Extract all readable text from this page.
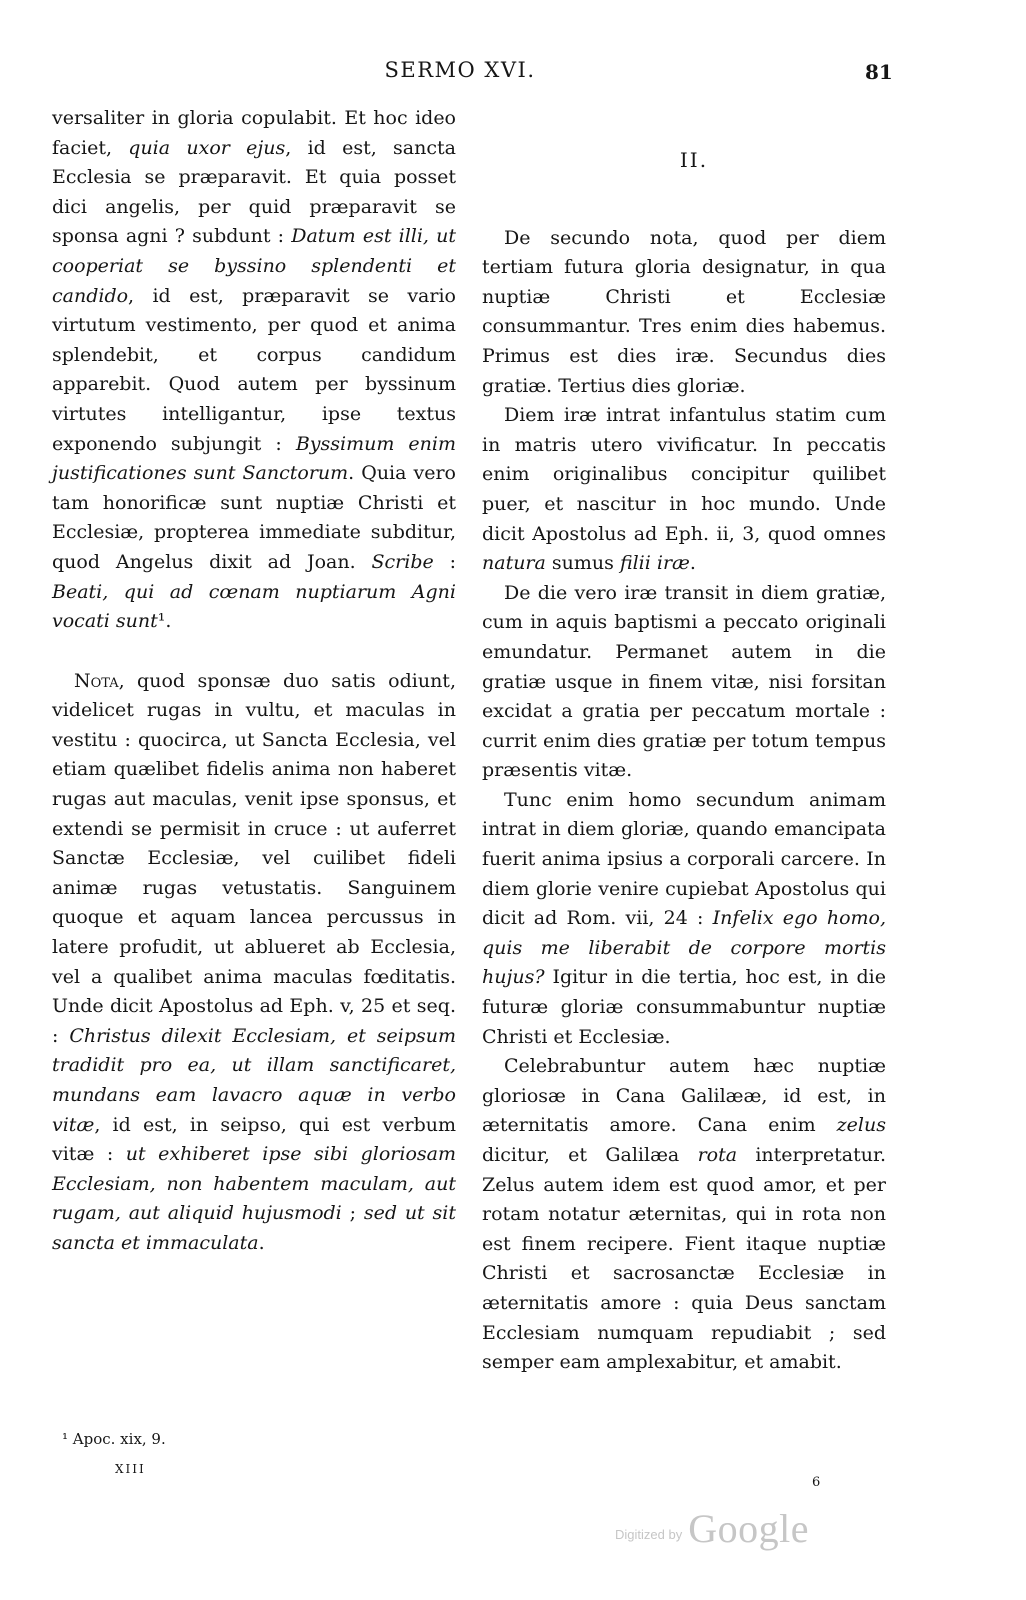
SERMO XVI.	81

versaliter in gloria copulabit. Et hoc ideo faciet, quia uxor ejus, id est, sancta Ecclesia se præparavit. Et quia posset dici angelis, per quid præparavit se sponsa agni ? subdunt : Datum est illi, ut cooperiat se byssino splendenti et candido, id est, præparavit se vario virtutum vestimento, per quod et anima splendebit, et corpus candidum apparebit. Quod autem per byssinum virtutes intelligantur, ipse textus exponendo subjungit : Byssimum enim justificationes sunt Sanctorum. Quia vero tam honorificæ sunt nuptiæ Christi et Ecclesiæ, propterea immediate subditur, quod Angelus dixit ad Joan. Scribe : Beati, qui ad cœnam nuptiarum Agni vocati sunt¹.

Nota, quod sponsæ duo satis odiunt, videlicet rugas in vultu, et maculas in vestitu : quocirca, ut Sancta Ecclesia, vel etiam quælibet fidelis anima non haberet rugas aut maculas, venit ipse sponsus, et extendi se permisit in cruce : ut auferret Sanctæ Ecclesiæ, vel cuilibet fideli animæ rugas vetustatis. Sanguinem quoque et aquam lancea percussus in latere profudit, ut ablueret ab Ecclesia, vel a qualibet anima maculas fœditatis. Unde dicit Apostolus ad Eph. v, 25 et seq. : Christus dilexit Ecclesiam, et seipsum tradidit pro ea, ut illam sanctificaret, mundans eam lavacro aquæ in verbo vitæ, id est, in seipso, qui est verbum vitæ : ut exhiberet ipse sibi gloriosam Ecclesiam, non habentem maculam, aut rugam, aut aliquid hujusmodi ; sed ut sit sancta et immaculata.

II.

De secundo nota, quod per diem tertiam futura gloria designatur, in qua nuptiæ Christi et Ecclesiæ consummantur. Tres enim dies habemus. Primus est dies iræ. Secundus dies gratiæ. Tertius dies gloriæ.

Diem iræ intrat infantulus statim cum in matris utero vivificatur. In peccatis enim originalibus concipitur quilibet puer, et nascitur in hoc mundo. Unde dicit Apostolus ad Eph. ii, 3, quod omnes natura sumus filii iræ.

De die vero iræ transit in diem gratiæ, cum in aquis baptismi a peccato originali emundatur. Permanet autem in die gratiæ usque in finem vitæ, nisi forsitan excidat a gratia per peccatum mortale : currit enim dies gratiæ per totum tempus præsentis vitæ.

Tunc enim homo secundum animam intrat in diem gloriæ, quando emancipata fuerit anima ipsius a corporali carcere. In diem glorie venire cupiebat Apostolus qui dicit ad Rom. vii, 24 : Infelix ego homo, quis me liberabit de corpore mortis hujus? Igitur in die tertia, hoc est, in die futuræ gloriæ consummabuntur nuptiæ Christi et Ecclesiæ.

Celebrabuntur autem hæc nuptiæ gloriosæ in Cana Galilææ, id est, in æternitatis amore. Cana enim zelus dicitur, et Galilæa rota interpretatur. Zelus autem idem est quod amor, et per rotam notatur æternitas, qui in rota non est finem recipere. Fient itaque nuptiæ Christi et sacrosanctæ Ecclesiæ in æternitatis amore : quia Deus sanctam Ecclesiam numquam repudiabit ; sed semper eam amplexabitur, et amabit.

¹ Apoc. xix, 9.
XIII
6
Digitized by Google
